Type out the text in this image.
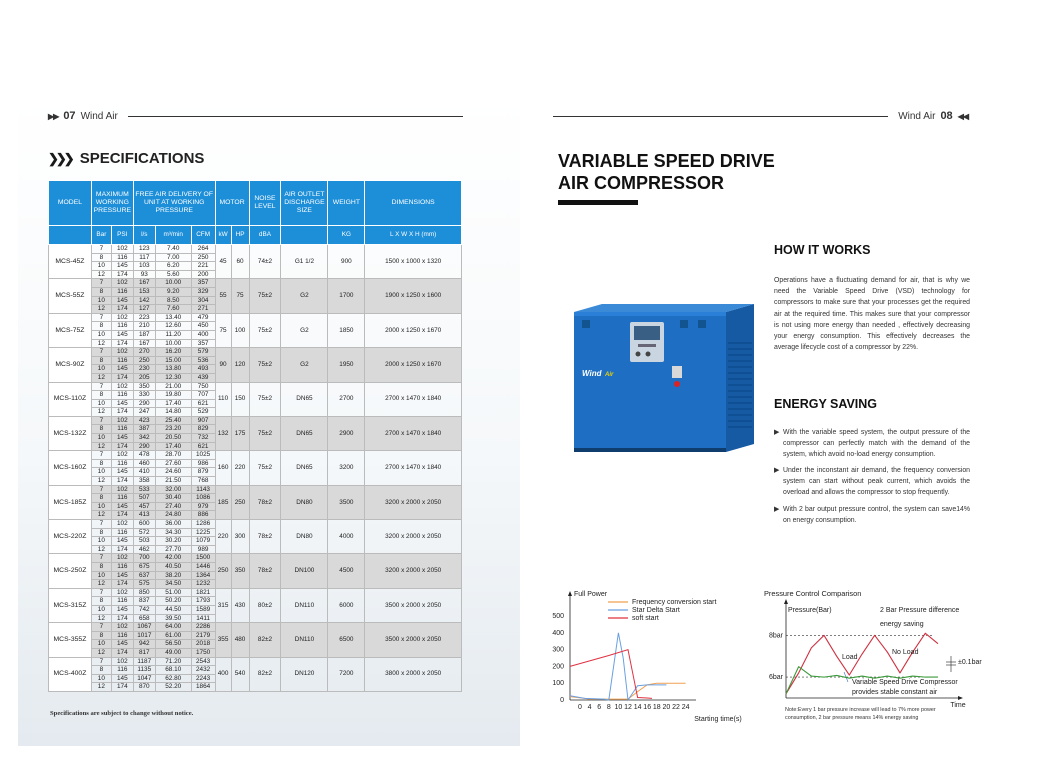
▶▶ 07 Wind Air	Wind Air 08 ◀◀
❯❯❯ SPECIFICATIONS
MODEL	MAXIMUM WORKING PRESSURE		FREE AIR DELIVERY OF UNIT AT WORKING PRESSURE			MOTOR		NOISE LEVEL	AIR OUTLET DISCHARGE SIZE	WEIGHT	DIMENSIONS
	Bar	PSI	l/s	m³/min	CFM	kW	HP	dBA		KG	L X W X H (mm)
MCS-45Z	7	102	123	7.40	264	45	60	74±2	G1 1/2	900	1500 x 1000 x 1320
	8	116	117	7.00	250						
	10	145	103	6.20	221						
	12	174	93	5.60	200						
MCS-55Z	7	102	167	10.00	357	55	75	75±2	G2	1700	1900 x 1250 x 1600
	8	116	153	9.20	329						
	10	145	142	8.50	304						
	12	174	127	7.60	271						
MCS-75Z	7	102	223	13.40	479	75	100	75±2	G2	1850	2000 x 1250 x 1670
	8	116	210	12.60	450						
	10	145	187	11.20	400						
	12	174	167	10.00	357						
MCS-90Z	7	102	270	16.20	579	90	120	75±2	G2	1950	2000 x 1250 x 1670
	8	116	250	15.00	536						
	10	145	230	13.80	493						
	12	174	205	12.30	439						
MCS-110Z	7	102	350	21.00	750	110	150	75±2	DN65	2700	2700 x 1470 x 1840
	8	116	330	19.80	707						
	10	145	290	17.40	621						
	12	174	247	14.80	529						
MCS-132Z	7	102	423	25.40	907	132	175	75±2	DN65	2900	2700 x 1470 x 1840
	8	116	387	23.20	829						
	10	145	342	20.50	732						
	12	174	290	17.40	621						
MCS-160Z	7	102	478	28.70	1025	160	220	75±2	DN65	3200	2700 x 1470 x 1840
	8	116	460	27.60	986						
	10	145	410	24.60	879						
	12	174	358	21.50	768						
MCS-185Z	7	102	533	32.00	1143	185	250	78±2	DN80	3500	3200 x 2000 x 2050
	8	116	507	30.40	1086						
	10	145	457	27.40	979						
	12	174	413	24.80	886						
MCS-220Z	7	102	600	36.00	1286	220	300	78±2	DN80	4000	3200 x 2000 x 2050
	8	116	572	34.30	1225						
	10	145	503	30.20	1079						
	12	174	462	27.70	989						
MCS-250Z	7	102	700	42.00	1500	250	350	78±2	DN100	4500	3200 x 2000 x 2050
	8	116	675	40.50	1446						
	10	145	637	38.20	1364						
	12	174	575	34.50	1232						
MCS-315Z	7	102	850	51.00	1821	315	430	80±2	DN110	6000	3500 x 2000 x 2050
	8	116	837	50.20	1793						
	10	145	742	44.50	1589						
	12	174	658	39.50	1411						
MCS-355Z	7	102	1067	64.00	2286	355	480	82±2	DN110	6500	3500 x 2000 x 2050
	8	116	1017	61.00	2179						
	10	145	942	56.50	2018						
	12	174	817	49.00	1750						
MCS-400Z	7	102	1187	71.20	2543	400	540	82±2	DN120	7200	3800 x 2000 x 2050
	8	116	1135	68.10	2432						
	10	145	1047	62.80	2243						
	12	174	870	52.20	1864						
Specifications are subject to change without notice.
VARIABLE SPEED DRIVE
AIR COMPRESSOR
Wind Air
HOW IT WORKS
Operations have a fluctuating demand for air, that is why we need the Variable Speed Drive (VSD) technology for compressors to make sure that your processes get the required air at the required time. This makes sure that your compressor is not using more energy than needed , effectively decreasing your energy consumption. This effectively decreases the average lifecycle cost of a compressor by 22%.
ENERGY SAVING
▶ With the variable speed system, the output pressure of the compressor can perfectly match with the demand of the system, which avoid no-load energy consumption.
▶ Under the inconstant air demand, the frequency conversion system can start without peak current, which avoids the overload and allows the compressor to stop frequently.
▶ With 2 bar output pressure control, the system can save14% on energy consumption.
0
100
200
300
400
500
0 4 6 8 10 12 14 16 18 20 22 24
Frequency conversion start
Star Delta Start
soft start
Full Power
Starting time(s)
Pressure Control Comparison
8bar
6bar
Pressure(Bar)
Time
2 Bar Pressure difference
energy saving
No Load
Load
±0.1bar
Variable Speed Drive Compressor
provides stable constant air
Note:Every 1 bar pressure increase will lead to 7% more power consumption, 2 bar pressure means 14% energy saving
